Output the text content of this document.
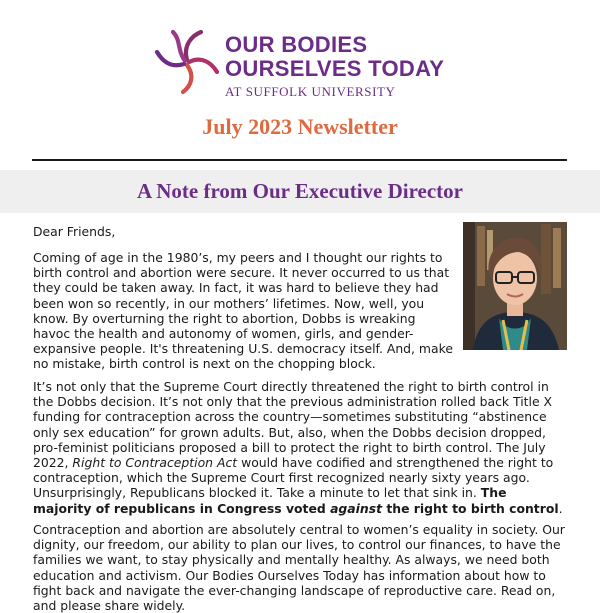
OUR BODIES
OURSELVES TODAY
AT SUFFOLK UNIVERSITY
July 2023 Newsletter
A Note from Our Executive Director
Dear Friends,
Coming of age in the 1980’s, my peers and I thought our rights to birth control and abortion were secure. It never occurred to us that they could be taken away. In fact, it was hard to believe they had been won so recently, in our mothers’ lifetimes. Now, well, you know. By overturning the right to abortion, Dobbs is wreaking havoc the health and autonomy of women, girls, and gender-expansive people. It's threatening U.S. democracy itself. And, make no mistake, birth control is next on the chopping block.
It’s not only that the Supreme Court directly threatened the right to birth control in the Dobbs decision. It’s not only that the previous administration rolled back Title X funding for contraception across the country—sometimes substituting “abstinence only sex education” for grown adults. But, also, when the Dobbs decision dropped, pro-feminist politicians proposed a bill to protect the right to birth control. The July 2022, Right to Contraception Act would have codified and strengthened the right to contraception, which the Supreme Court first recognized nearly sixty years ago. Unsurprisingly, Republicans blocked it. Take a minute to let that sink in. The majority of republicans in Congress voted against the right to birth control.
Contraception and abortion are absolutely central to women’s equality in society. Our dignity, our freedom, our ability to plan our lives, to control our finances, to have the families we want, to stay physically and mentally healthy. As always, we need both education and activism. Our Bodies Ourselves Today has information about how to fight back and navigate the ever-changing landscape of reproductive care. Read on, and please share widely.
